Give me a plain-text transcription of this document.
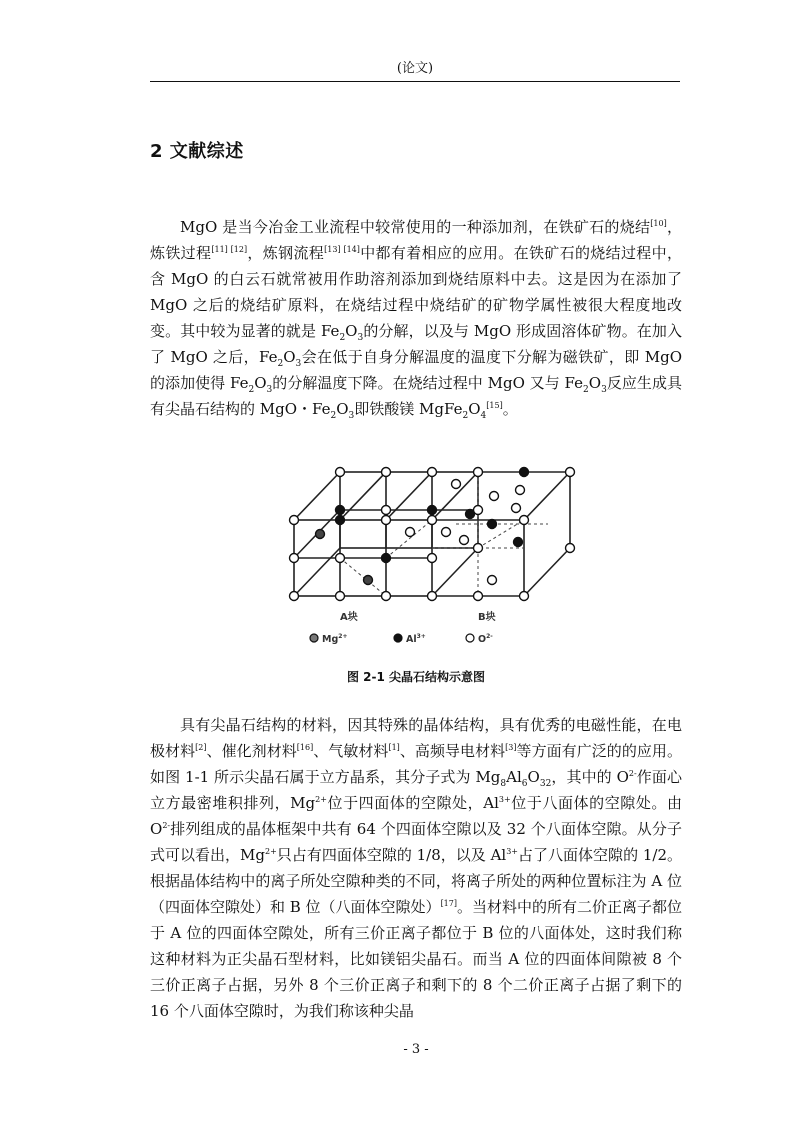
(论文)
2 文献综述

MgO 是当今冶金工业流程中较常使用的一种添加剂，在铁矿石的烧结[10]，炼铁过程[11] [12]，炼钢流程[13] [14]中都有着相应的应用。在铁矿石的烧结过程中，含 MgO 的白云石就常被用作助溶剂添加到烧结原料中去。这是因为在添加了 MgO 之后的烧结矿原料，在烧结过程中烧结矿的矿物学属性被很大程度地改变。其中较为显著的就是 $Fe_2O_3$的分解，以及与 MgO 形成固溶体矿物。在加入了 MgO 之后，$Fe_2O_3$会在低于自身分解温度的温度下分解为磁铁矿，即 MgO 的添加使得 $Fe_2O_3$的分解温度下降。在烧结过程中 MgO 又与 $Fe_2O_3$反应生成具有尖晶石结构的 MgO・$Fe_2O_3$即铁酸镁 $MgFe_2O_4[15]$。

A块	B块
$Mg^{2+}$	$Al^{3+}$	$O^{2-}$
图 2-1 尖晶石结构示意图

具有尖晶石结构的材料，因其特殊的晶体结构，具有优秀的电磁性能，在电极材料[2]、催化剂材料[16]、气敏材料[1]、高频导电材料[3]等方面有广泛的的应用。如图 1-1 所示尖晶石属于立方晶系，其分子式为 $Mg_8Al_6O_{32}$，其中的 $O^{2-}$作面心立方最密堆积排列，$Mg^{2+}$位于四面体的空隙处，$Al^{3+}$位于八面体的空隙处。由 $O^{2-}$排列组成的晶体框架中共有 64 个四面体空隙以及 32 个八面体空隙。从分子式可以看出，$Mg^{2+}$只占有四面体空隙的 1/8，以及 $Al^{3+}$占了八面体空隙的 1/2。根据晶体结构中的离子所处空隙种类的不同，将离子所处的两种位置标注为 A 位（四面体空隙处）和 B 位（八面体空隙处）[17]。当材料中的所有二价正离子都位于 A 位的四面体空隙处，所有三价正离子都位于 B 位的八面体处，这时我们称这种材料为正尖晶石型材料，比如镁铝尖晶石。而当 A 位的四面体间隙被 8 个三价正离子占据，另外 8 个三价正离子和剩下的 8 个二价正离子占据了剩下的 16 个八面体空隙时，为我们称该种尖晶

- 3 -
